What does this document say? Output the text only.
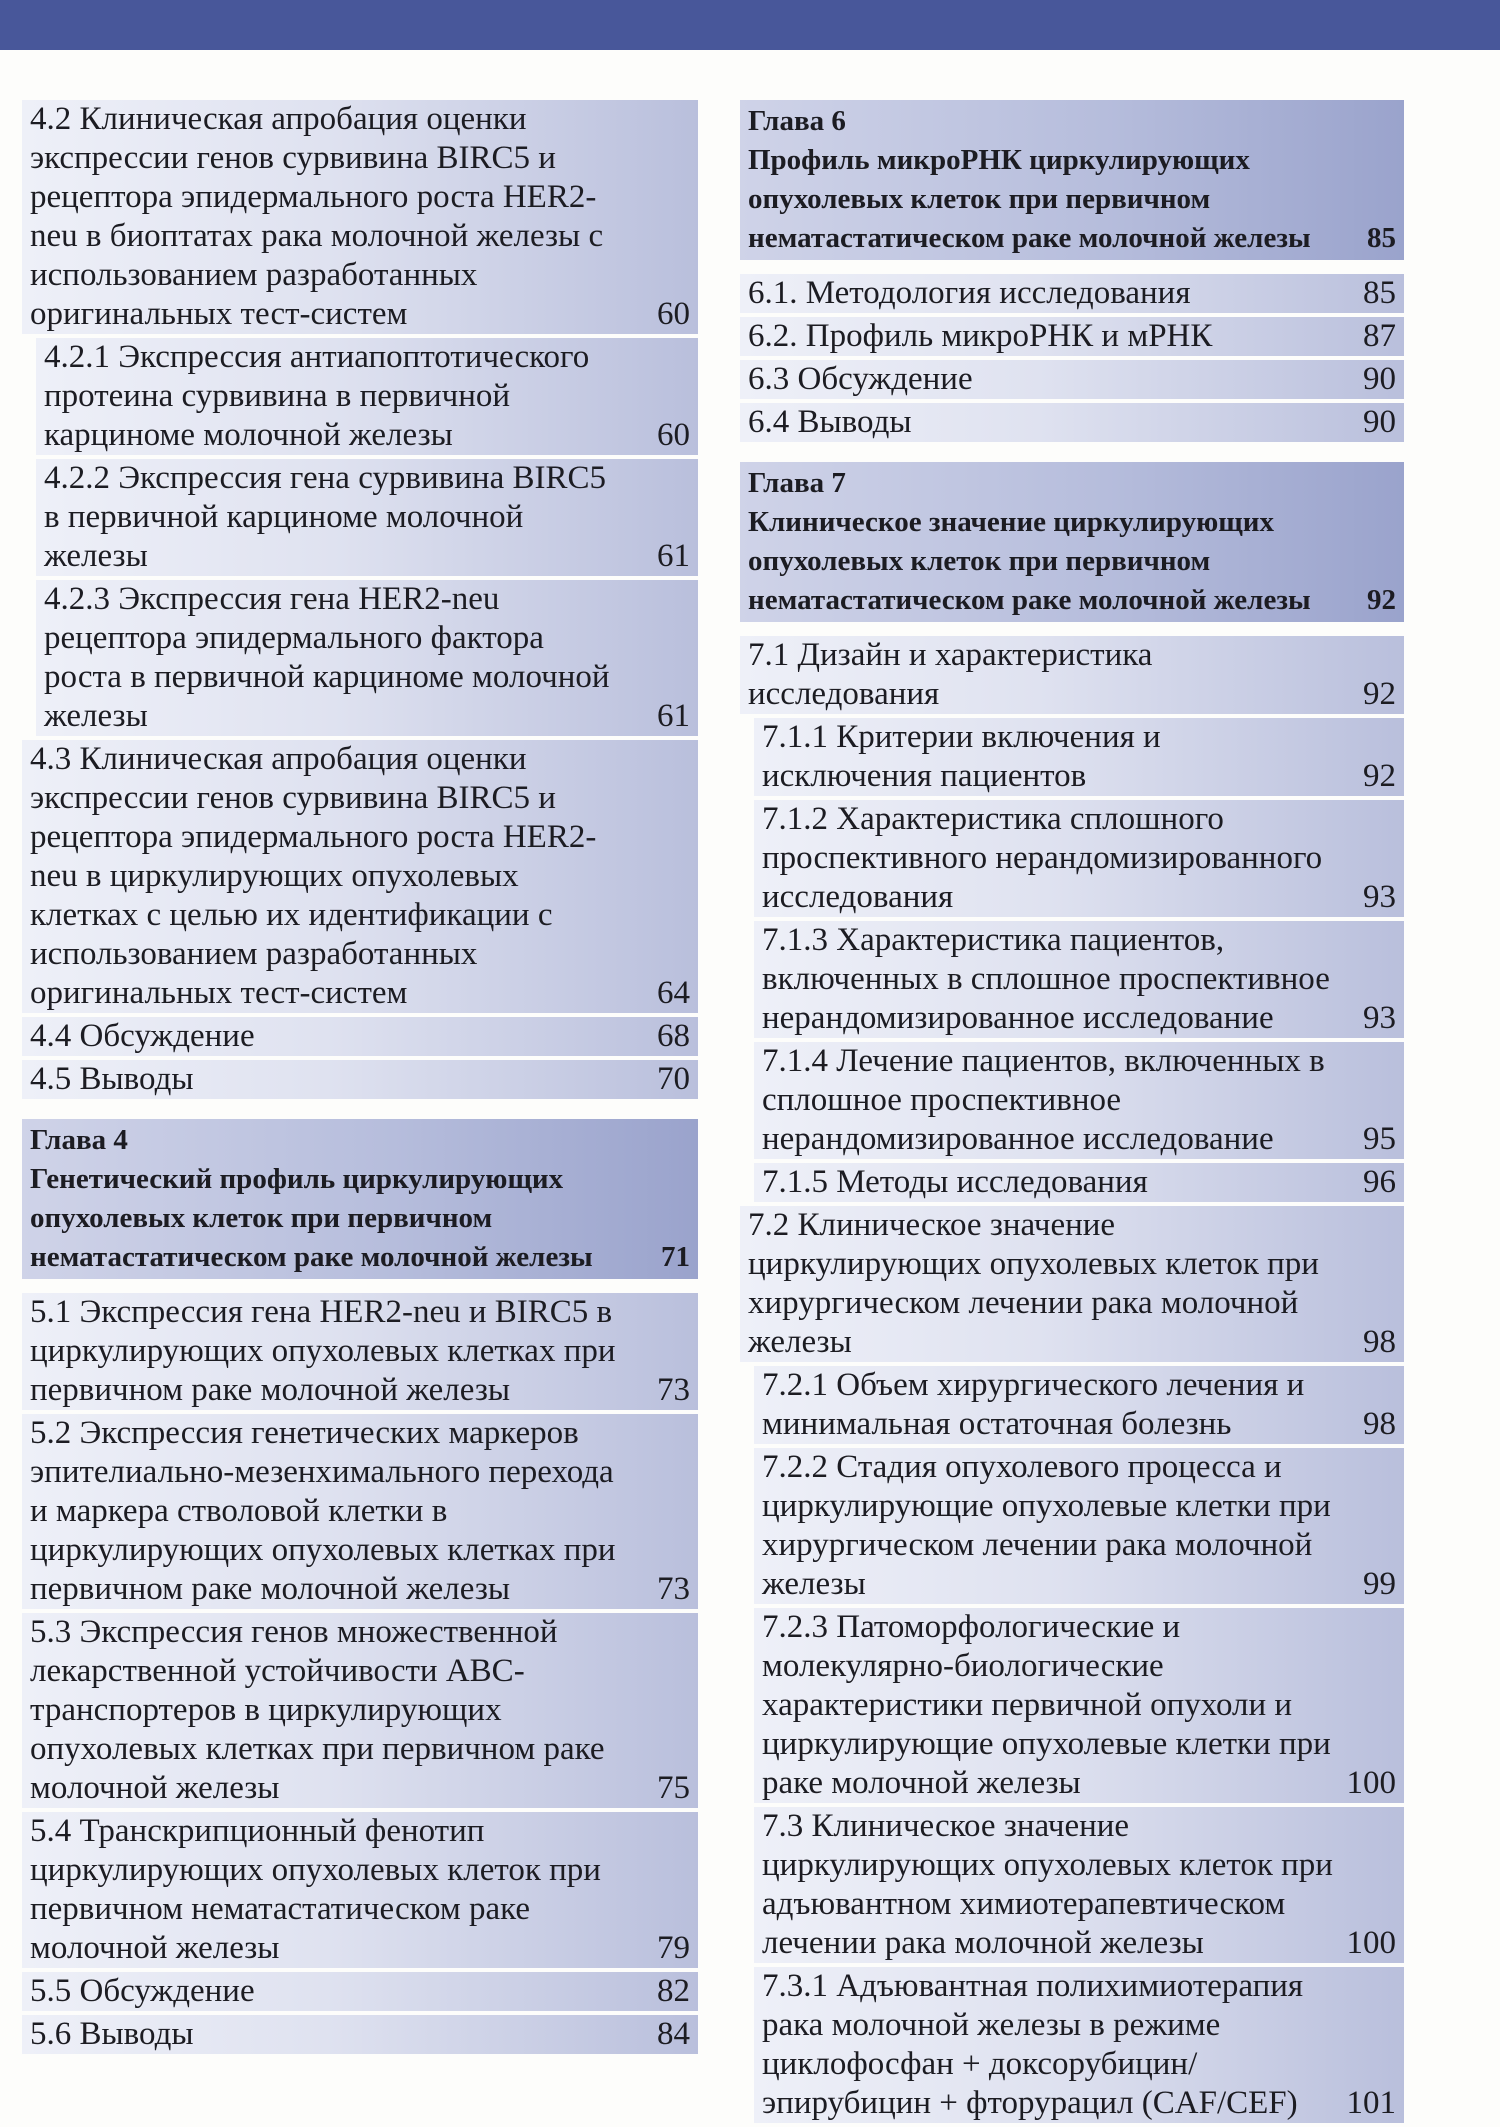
4.2 Клиническая апробация оценки экспрессии генов сурвивина BIRC5 и рецептора эпидермального роста HER2-neu в биоптатах рака молочной железы с использованием разработанных оригинальных тест-систем	60
4.2.1 Экспрессия антиапоптотического протеина сурвивина в первичной карциноме молочной железы	60
4.2.2 Экспрессия гена сурвивина BIRC5 в первичной карциноме молочной железы	61
4.2.3 Экспрессия гена HER2-neu рецептора эпидермального фактора роста в первичной карциноме молочной железы	61
4.3 Клиническая апробация оценки экспрессии генов сурвивина BIRC5 и рецептора эпидермального роста HER2-neu в циркулирующих опухолевых клетках с целью их идентификации с использованием разработанных оригинальных тест-систем	64
4.4 Обсуждение	68
4.5 Выводы	70
Глава 4
Генетический профиль циркулирующих опухолевых клеток при первичном нематастатическом раке молочной железы	71
5.1 Экспрессия гена HER2-neu и BIRC5 в циркулирующих опухолевых клетках при первичном раке молочной железы	73
5.2 Экспрессия генетических маркеров эпителиально-мезенхимального перехода и маркера стволовой клетки в циркулирующих опухолевых клетках при первичном раке молочной железы	73
5.3 Экспрессия генов множественной лекарственной устойчивости ABC-транспортеров в циркулирующих опухолевых клетках при первичном раке молочной железы	75
5.4 Транскрипционный фенотип циркулирующих опухолевых клеток при первичном нематастатическом раке молочной железы	79
5.5 Обсуждение	82
5.6 Выводы	84
Глава 6
Профиль микроРНК циркулирующих опухолевых клеток при первичном нематастатическом раке молочной железы	85
6.1. Методология исследования	85
6.2. Профиль микроРНК и мРНК	87
6.3 Обсуждение	90
6.4 Выводы	90
Глава 7
Клиническое значение циркулирующих опухолевых клеток при первичном нематастатическом раке молочной железы	92
7.1 Дизайн и характеристика исследования	92
7.1.1 Критерии включения и исключения пациентов	92
7.1.2 Характеристика сплошного проспективного нерандомизированного исследования	93
7.1.3 Характеристика пациентов, включенных в сплошное проспективное нерандомизированное исследование	93
7.1.4 Лечение пациентов, включенных в сплошное проспективное нерандомизированное исследование	95
7.1.5 Методы исследования	96
7.2 Клиническое значение циркулирующих опухолевых клеток при хирургическом лечении рака молочной железы	98
7.2.1 Объем хирургического лечения и минимальная остаточная болезнь	98
7.2.2 Стадия опухолевого процесса и циркулирующие опухолевые клетки при хирургическом лечении рака молочной железы	99
7.2.3 Патоморфологические и молекулярно-биологические характеристики первичной опухоли и циркулирующие опухолевые клетки при раке молочной железы	100
7.3 Клиническое значение циркулирующих опухолевых клеток при адъювантном химиотерапевтическом лечении рака молочной железы	100
7.3.1 Адъювантная полихимиотерапия рака молочной железы в режиме циклофосфан + доксорубицин/эпирубицин + фторурацил (CAF/CEF)	101
